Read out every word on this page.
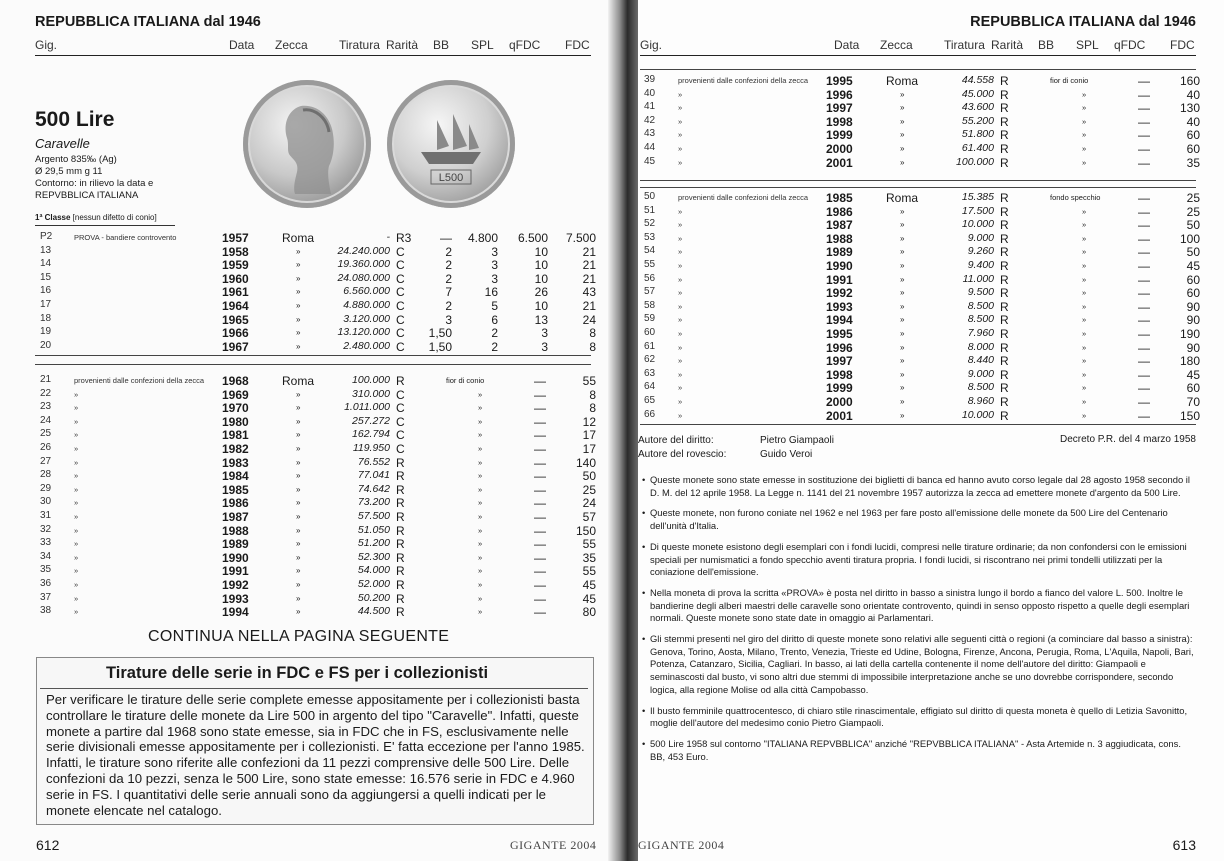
REPUBBLICA ITALIANA dal 1946
Gig.	Data Zecca	Tiratura Rarità BB SPL qFDC FDC
500 Lire
Caravelle
Argento 835‰ (Ag)
Ø 29,5 mm g 11
Contorno: in rilievo la data e
REPVBBLICA ITALIANA
1ª Classe [nessun difetto di conio]
L500
P2	PROVA - bandiere controvento	1957	Roma	- R3 — 4.800 6.500 7.500
13	1958	»	24.240.000 C	2	3	10	21
14	1959	»	19.360.000 C	2	3	10	21
15	1960	»	24.080.000 C	2	3	10	21
16	1961	»	6.560.000 C	7	16	26	43
17	1964	»	4.880.000 C	2	5	10	21
18	1965	»	3.120.000 C	3	6	13	24
19	1966	»	13.120.000 C 1,50	2	3	8
20	1967	»	2.480.000 C 1,50	2	3	8
21	provenienti dalle confezioni della zecca 1968	Roma	100.000 R	fior di conio	—	55
22	»	1969	»	310.000 C	»	—	8
23	»	1970	»	1.011.000 C	»	—	8
24	»	1980	»	257.272 C	»	—	12
25	»	1981	»	162.794 C	»	—	17
26	»	1982	»	119.950 C	»	—	17
27	»	1983	»	76.552 R	»	— 140
28	»	1984	»	77.041 R	»	—	50
29	»	1985	»	74.642 R	»	—	25
30	»	1986	»	73.200 R	»	—	24
31	»	1987	»	57.500 R	»	—	57
32	»	1988	»	51.050 R	»	— 150
33	»	1989	»	51.200 R	»	—	55
34	»	1990	»	52.300 R	»	—	35
35	»	1991	»	54.000 R	»	—	55
36	»	1992	»	52.000 R	»	—	45
37	»	1993	»	50.200 R	»	—	45
38	»	1994	»	44.500 R	»	—	80
CONTINUA NELLA PAGINA SEGUENTE
Tirature delle serie in FDC e FS per i collezionisti
Per verificare le tirature delle serie complete emesse appositamente per i collezionisti basta controllare le tirature delle monete da Lire 500 in argento del tipo "Caravelle". Infatti, queste monete a partire dal 1968 sono state emesse, sia in FDC che in FS, esclusivamente nelle serie divisionali emesse appositamente per i collezionisti. E' fatta eccezione per l'anno 1985. Infatti, le tirature sono riferite alle confezioni da 11 pezzi comprensive delle 500 Lire. Delle confezioni da 10 pezzi, senza le 500 Lire, sono state emesse: 16.576 serie in FDC e 4.960 serie in FS. I quantitativi delle serie annuali sono da aggiungersi a quelli indicati per le monete elencate nel catalogo.
612	GIGANTE 2004
REPUBBLICA ITALIANA dal 1946
Gig.	Data Zecca	Tiratura Rarità BB SPL qFDC FDC
39	provenienti dalle confezioni della zecca 1995	Roma	44.558 R	fior di conio	— 160
40	»	1996	»	45.000 R	»	—	40
41	»	1997	»	43.600 R	»	— 130
42	»	1998	»	55.200 R	»	—	40
43	»	1999	»	51.800 R	»	—	60
44	»	2000	»	61.400 R	»	—	60
45	»	2001	»	100.000 R	»	—	35
50	provenienti dalle confezioni della zecca 1985	Roma	15.385 R	fondo specchio	—	25
51	»	1986	»	17.500 R	»	—	25
52	»	1987	»	10.000 R	»	—	50
53	»	1988	»	9.000 R	»	— 100
54	»	1989	»	9.260 R	»	—	50
55	»	1990	»	9.400 R	»	—	45
56	»	1991	»	11.000 R	»	—	60
57	»	1992	»	9.500 R	»	—	60
58	»	1993	»	8.500 R	»	—	90
59	»	1994	»	8.500 R	»	—	90
60	»	1995	»	7.960 R	»	— 190
61	»	1996	»	8.000 R	»	—	90
62	»	1997	»	8.440 R	»	— 180
63	»	1998	»	9.000 R	»	—	45
64	»	1999	»	8.500 R	»	—	60
65	»	2000	»	8.960 R	»	—	70
66	»	2001	»	10.000 R	»	— 150
Autore del diritto:
Autore del rovescio:
Pietro Giampaoli
Guido Veroi
Decreto P.R. del 4 marzo 1958
• Queste monete sono state emesse in sostituzione dei biglietti di banca ed hanno avuto corso legale dal 28 agosto 1958 secondo il D. M. del 12 aprile 1958. La Legge n. 1141 del 21 novembre 1957 autorizza la zecca ad emettere monete d'argento da 500 Lire.
• Queste monete, non furono coniate nel 1962 e nel 1963 per fare posto all'emissione delle monete da 500 Lire del Centenario dell'unità d'Italia.
• Di queste monete esistono degli esemplari con i fondi lucidi, compresi nelle tirature ordinarie; da non confondersi con le emissioni speciali per numismatici a fondo specchio aventi tiratura propria. I fondi lucidi, si riscontrano nei primi tondelli utilizzati per la coniazione dell'emissione.
• Nella moneta di prova la scritta «PROVA» è posta nel diritto in basso a sinistra lungo il bordo a fianco del valore L. 500. Inoltre le bandierine degli alberi maestri delle caravelle sono orientate controvento, quindi in senso opposto rispetto a quelle degli esemplari normali. Queste monete sono state date in omaggio ai Parlamentari.
• Gli stemmi presenti nel giro del diritto di queste monete sono relativi alle seguenti città o regioni (a cominciare dal basso a sinistra): Genova, Torino, Aosta, Milano, Trento, Venezia, Trieste ed Udine, Bologna, Firenze, Ancona, Perugia, Roma, L'Aquila, Napoli, Bari, Potenza, Catanzaro, Sicilia, Cagliari. In basso, ai lati della cartella contenente il nome dell'autore del diritto: Giampaoli e seminascosti dal busto, vi sono altri due stemmi di impossibile interpretazione anche se uno dovrebbe corrispondere, secondo logica, alla regione Molise od alla città Campobasso.
• Il busto femminile quattrocentesco, di chiaro stile rinascimentale, effigiato sul diritto di questa moneta è quello di Letizia Savonitto, moglie dell'autore del medesimo conio Pietro Giampaoli.
• 500 Lire 1958 sul contorno "ITALIANA REPVBBLICA" anziché "REPVBBLICA ITALIANA" - Asta Artemide n. 3 aggiudicata, cons. BB, 453 Euro.
GIGANTE 2004	613
